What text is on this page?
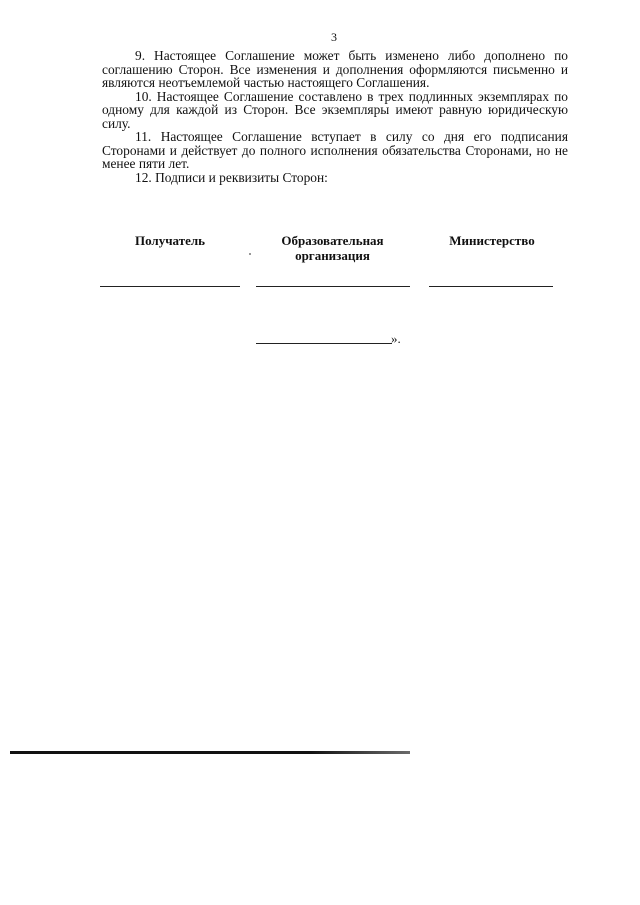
3

9. Настоящее Соглашение может быть изменено либо дополнено по соглашению Сторон. Все изменения и дополнения оформляются письменно и являются неотъемлемой частью настоящего Соглашения.

10. Настоящее Соглашение составлено в трех подлинных экземплярах по одному для каждой из Сторон. Все экземпляры имеют равную юридическую силу.

11. Настоящее Соглашение вступает в силу со дня его подписания Сторонами и действует до полного исполнения обязательства Сторонами, но не менее пяти лет.

12. Подписи и реквизиты Сторон:

Получатель	Образовательная организация
Министерство
».
